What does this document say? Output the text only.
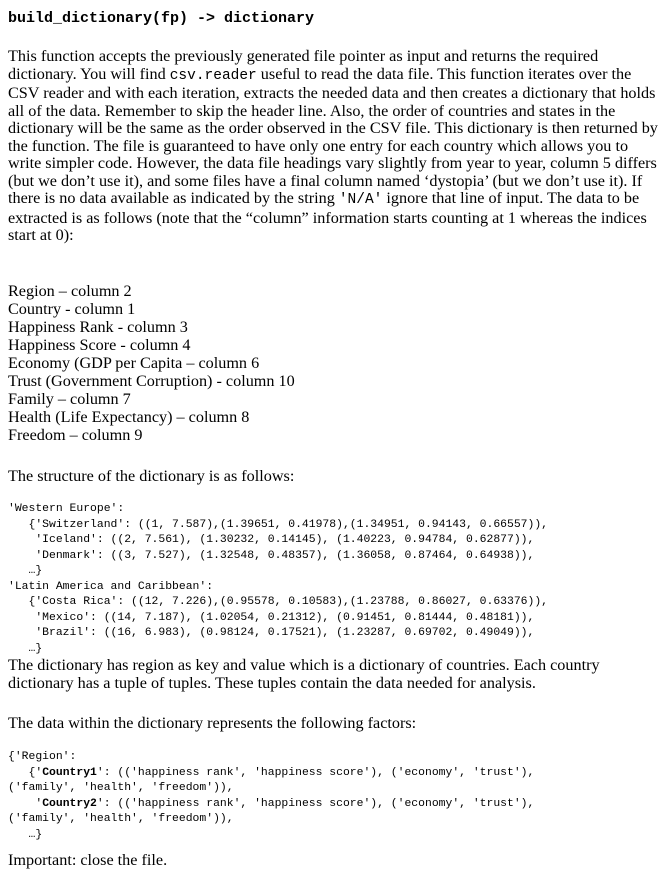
build_dictionary(fp) -> dictionary

This function accepts the previously generated file pointer as input and returns the required dictionary. You will find csv.reader useful to read the data file. This function iterates over the CSV reader and with each iteration, extracts the needed data and then creates a dictionary that holds all of the data. Remember to skip the header line. Also, the order of countries and states in the dictionary will be the same as the order observed in the CSV file. This dictionary is then returned by the function. The file is guaranteed to have only one entry for each country which allows you to write simpler code. However, the data file headings vary slightly from year to year, column 5 differs (but we don’t use it), and some files have a final column named ‘dystopia’ (but we don’t use it). If there is no data available as indicated by the string 'N/A' ignore that line of input. The data to be extracted is as follows (note that the “column” information starts counting at 1 whereas the indices start at 0):

Region – column 2
Country - column 1
Happiness Rank - column 3
Happiness Score - column 4
Economy (GDP per Capita – column 6
Trust (Government Corruption) - column 10
Family – column 7
Health (Life Expectancy) – column 8
Freedom – column 9

The structure of the dictionary is as follows:

'Western Europe':
{'Switzerland': ((1, 7.587),(1.39651, 0.41978),(1.34951, 0.94143, 0.66557)),
'Iceland': ((2, 7.561), (1.30232, 0.14145), (1.40223, 0.94784, 0.62877)),
'Denmark': ((3, 7.527), (1.32548, 0.48357), (1.36058, 0.87464, 0.64938)),
…}
'Latin America and Caribbean':
{'Costa Rica': ((12, 7.226),(0.95578, 0.10583),(1.23788, 0.86027, 0.63376)),
'Mexico': ((14, 7.187), (1.02054, 0.21312), (0.91451, 0.81444, 0.48181)),
'Brazil': ((16, 6.983), (0.98124, 0.17521), (1.23287, 0.69702, 0.49049)),
…}

The dictionary has region as key and value which is a dictionary of countries. Each country dictionary has a tuple of tuples. These tuples contain the data needed for analysis.

The data within the dictionary represents the following factors:

{'Region':
{'Country1': (('happiness rank', 'happiness score'), ('economy', 'trust'),
('family', 'health', 'freedom')),
'Country2': (('happiness rank', 'happiness score'), ('economy', 'trust'),
('family', 'health', 'freedom')),
…}

Important: close the file.
